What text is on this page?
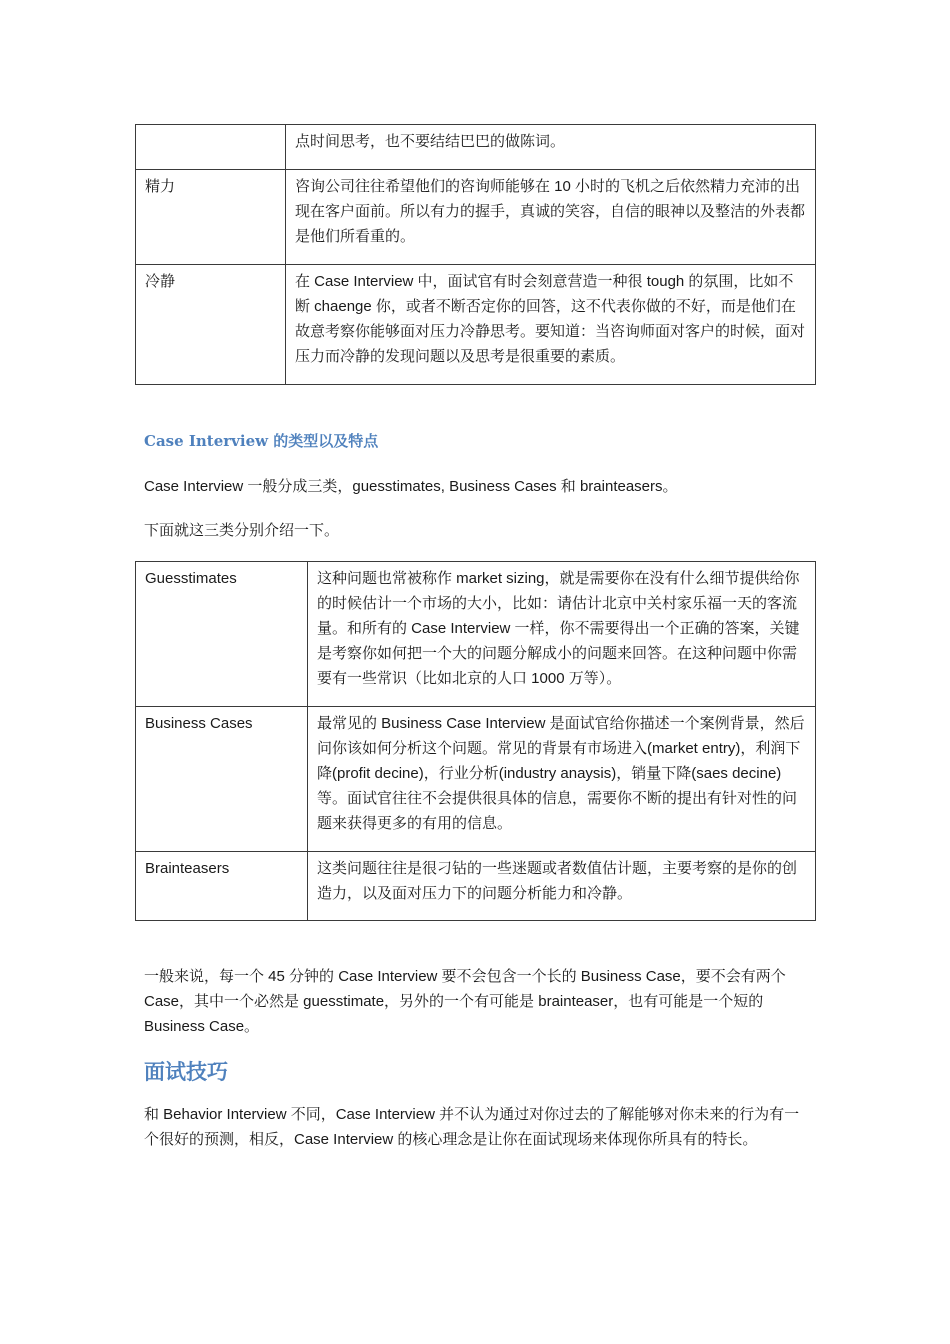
	点时间思考，也不要结结巴巴的做陈词。
精力	咨询公司往往希望他们的咨询师能够在 10 小时的飞机之后依然精力充沛的出现在客户面前。所以有力的握手，真诚的笑容，自信的眼神以及整洁的外表都是他们所看重的。
冷静	在 Case Interview 中，面试官有时会刻意营造一种很 tough 的氛围，比如不断 chaenge 你，或者不断否定你的回答，这不代表你做的不好，而是他们在故意考察你能够面对压力冷静思考。要知道：当咨询师面对客户的时候，面对压力而冷静的发现问题以及思考是很重要的素质。
Case Interview 的类型以及特点

Case Interview 一般分成三类，guesstimates, Business Cases 和 brainteasers。

下面就这三类分别介绍一下。

Guesstimates	这种问题也常被称作 market sizing，就是需要你在没有什么细节提供给你的时候估计一个市场的大小，比如：请估计北京中关村家乐福一天的客流量。和所有的 Case Interview 一样，你不需要得出一个正确的答案，关键是考察你如何把一个大的问题分解成小的问题来回答。在这种问题中你需要有一些常识（比如北京的人口 1000 万等）。
Business Cases	最常见的 Business Case Interview 是面试官给你描述一个案例背景，然后问你该如何分析这个问题。常见的背景有市场进入(market entry)，利润下降(profit decine)，行业分析(industry anaysis)，销量下降(saes decine)等。面试官往往不会提供很具体的信息，需要你不断的提出有针对性的问题来获得更多的有用的信息。
Brainteasers	这类问题往往是很刁钻的一些迷题或者数值估计题，主要考察的是你的创造力，以及面对压力下的问题分析能力和冷静。

一般来说，每一个 45 分钟的 Case Interview 要不会包含一个长的 Business Case，要不会有两个 Case，其中一个必然是 guesstimate，另外的一个有可能是 brainteaser，也有可能是一个短的 Business Case。

面试技巧

和 Behavior Interview 不同，Case Interview 并不认为通过对你过去的了解能够对你未来的行为有一个很好的预测，相反，Case Interview 的核心理念是让你在面试现场来体现你所具有的特长。
